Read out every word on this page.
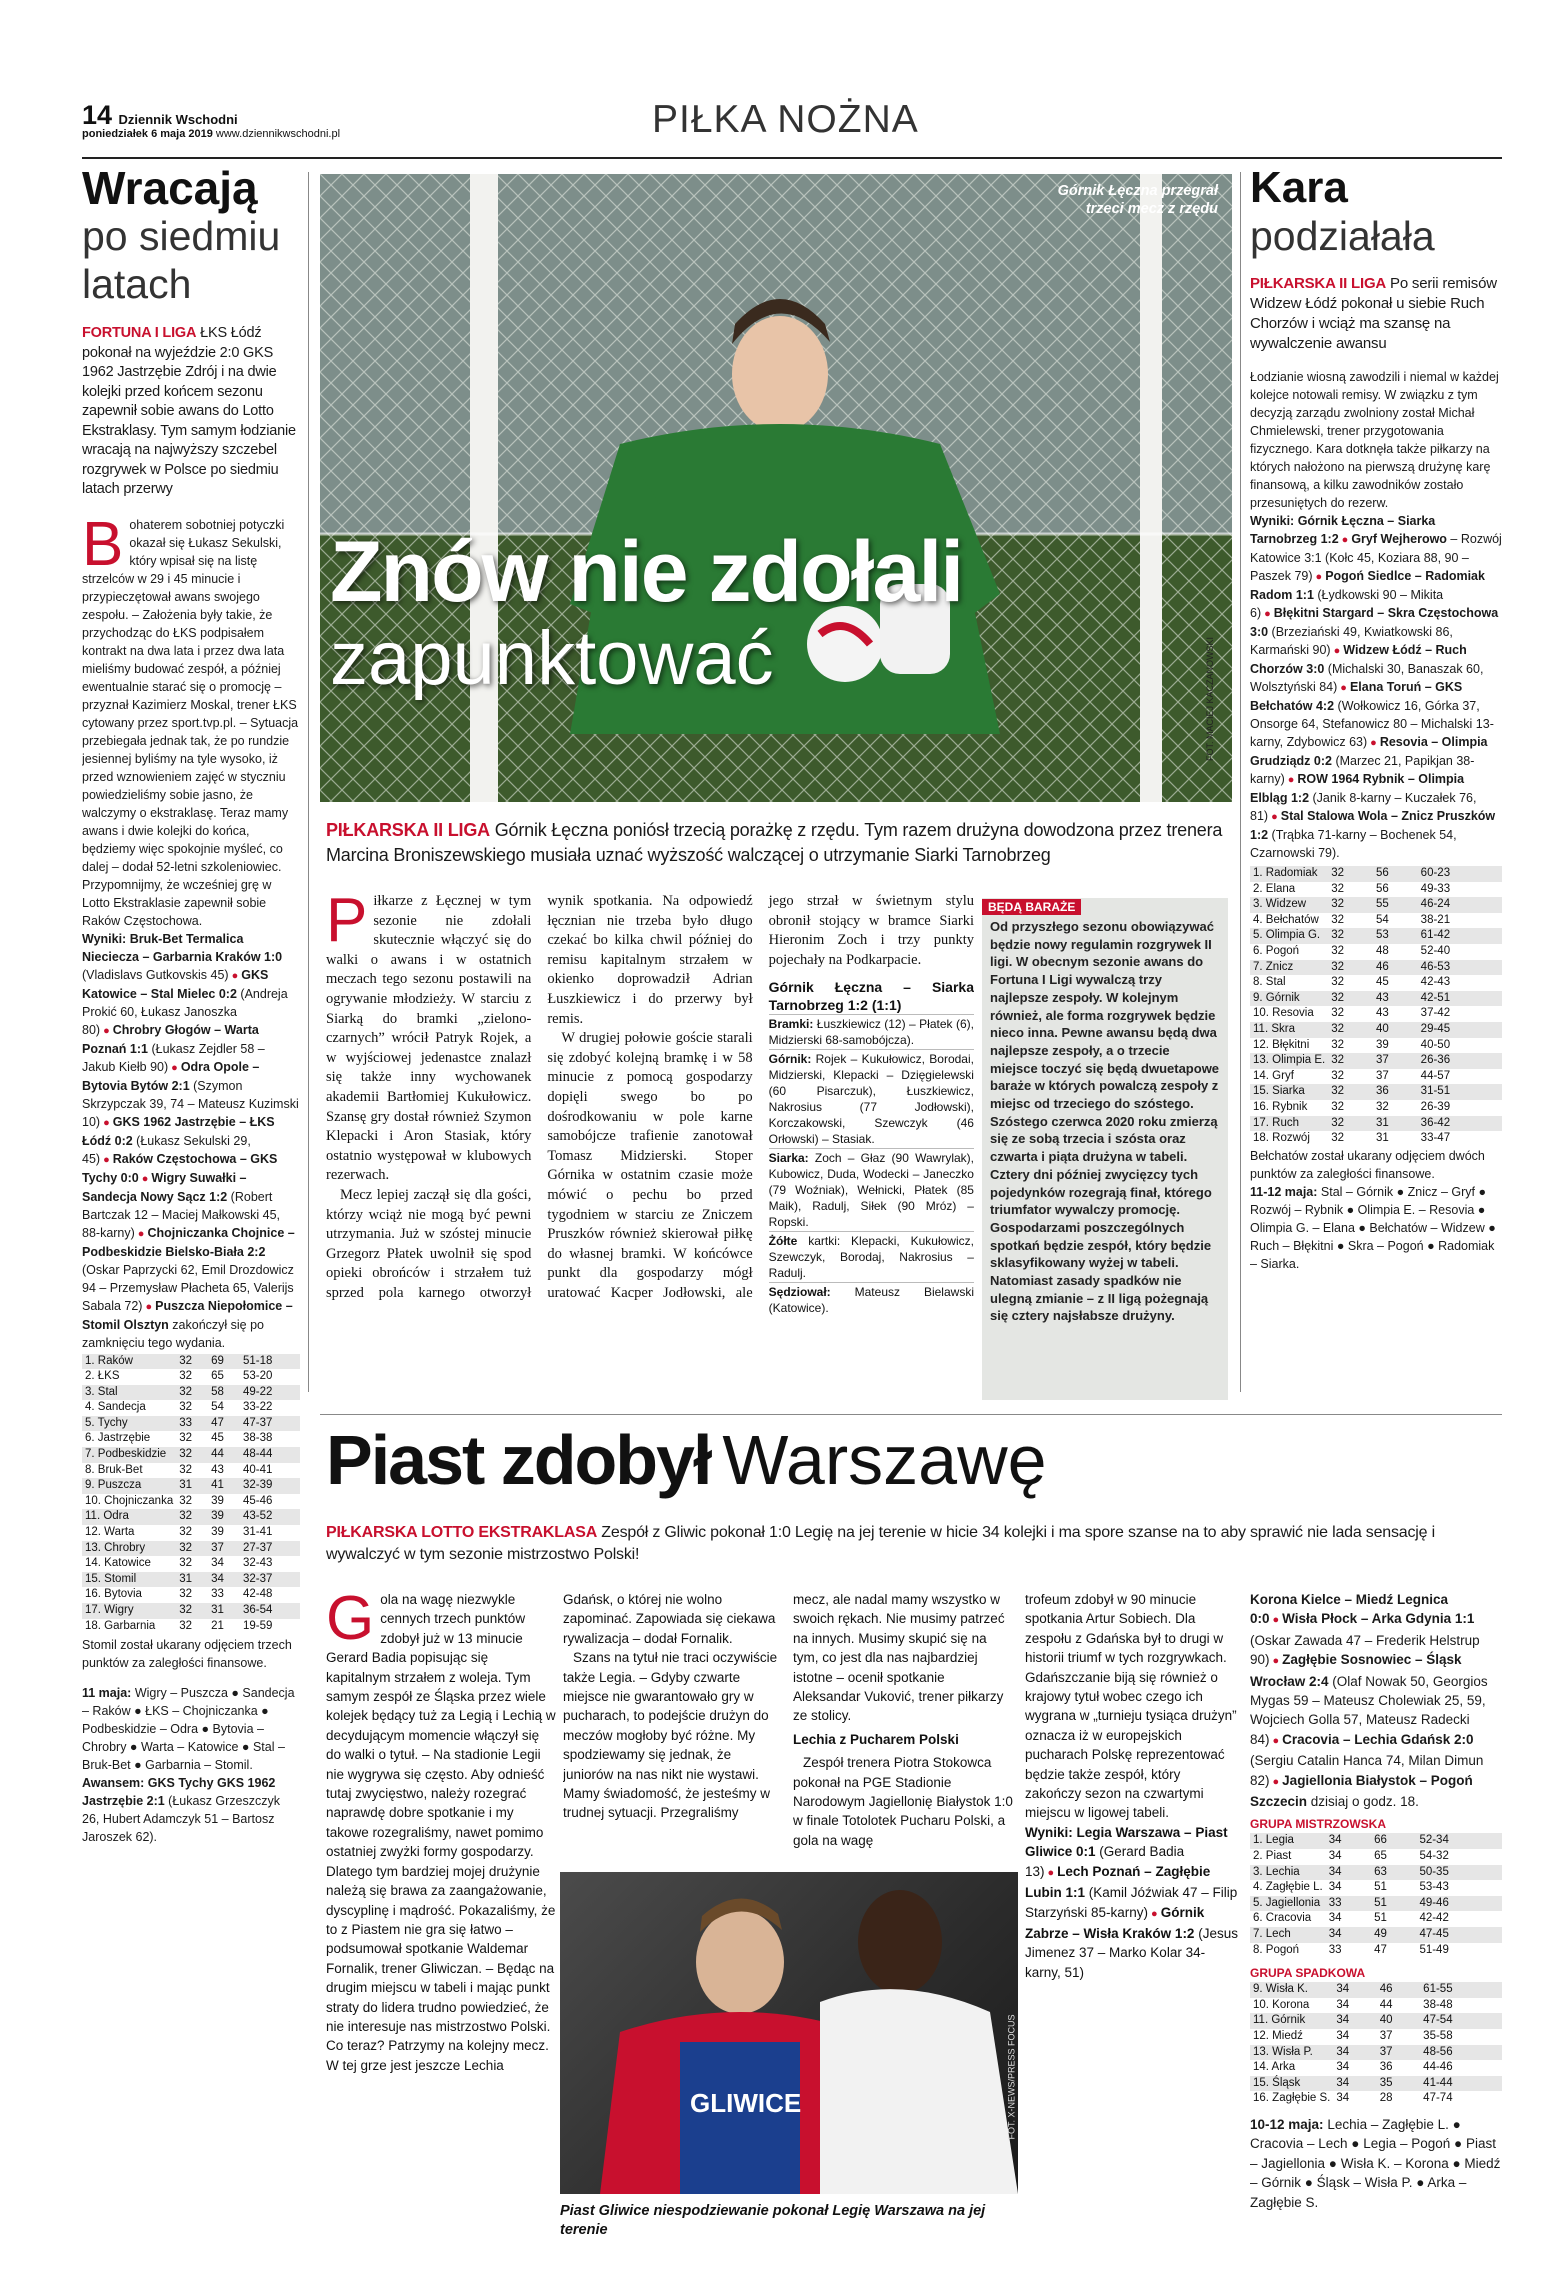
14 Dziennik Wschodni
poniedziałek 6 maja 2019 www.dziennikwschodni.pl	PIŁKA NOŻNA
Wracają
po siedmiu latach

FORTUNA I LIGA ŁKS Łódź pokonał na wyjeździe 2:0 GKS 1962 Jastrzębie Zdrój i na dwie kolejki przed końcem sezonu zapewnił sobie awans do Lotto Ekstraklasy. Tym samym łodzianie wracają na najwyższy szczebel rozgrywek w Polsce po siedmiu latach przerwy

Bohaterem sobotniej potyczki okazał się Łukasz Sekulski, który wpisał się na listę strzelców w 29 i 45 minucie i przypieczętował awans swojego zespołu. – Założenia były takie, że przychodząc do ŁKS podpisałem kontrakt na dwa lata i przez dwa lata mieliśmy budować zespół, a później ewentualnie starać się o promocję – przyznał Kazimierz Moskal, trener ŁKS cytowany przez sport.tvp.pl. – Sytuacja przebiegała jednak tak, że po rundzie jesiennej byliśmy na tyle wysoko, iż przed wznowieniem zajęć w styczniu powiedzieliśmy sobie jasno, że walczymy o ekstraklasę. Teraz mamy awans i dwie kolejki do końca, będziemy więc spokojnie myśleć, co dalej – dodał 52-letni szkoleniowiec.

Przypomnijmy, że wcześniej grę w Lotto Ekstraklasie zapewnił sobie Raków Częstochowa.

Wyniki: Bruk-Bet Termalica Nieciecza – Garbarnia Kraków 1:0 (Vladislavs Gutkovskis 45) ● GKS Katowice – Stal Mielec 0:2 (Andreja Prokić 60, Łukasz Janoszka 80) ● Chrobry Głogów – Warta Poznań 1:1 (Łukasz Zejdler 58 – Jakub Kiełb 90) ● Odra Opole – Bytovia Bytów 2:1 (Szymon Skrzypczak 39, 74 – Mateusz Kuzimski 10) ● GKS 1962 Jastrzębie – ŁKS Łódź 0:2 (Łukasz Sekulski 29, 45) ● Raków Częstochowa – GKS Tychy 0:0 ● Wigry Suwałki – Sandecja Nowy Sącz 1:2 (Robert Bartczak 12 – Maciej Małkowski 45, 88-karny) ● Chojniczanka Chojnice – Podbeskidzie Bielsko-Biała 2:2 (Oskar Paprzycki 62, Emil Drozdowicz 94 – Przemysław Płacheta 65, Valerijs Sabala 72) ● Puszcza Niepołomice – Stomil Olsztyn zakończył się po zamknięciu tego wydania.
1. Raków	32	69	51-18
2. ŁKS	32	65	53-20
3. Stal	32	58	49-22
4. Sandecja	32	54	33-22
5. Tychy	33	47	47-37
6. Jastrzębie	32	45	38-38
7. Podbeskidzie	32	44	48-44
8. Bruk-Bet	32	43	40-41
9. Puszcza	31	41	32-39
10. Chojniczanka	32	39	45-46
11. Odra	32	39	43-52
12. Warta	32	39	31-41
13. Chrobry	32	37	27-37
14. Katowice	32	34	32-43
15. Stomil	31	34	32-37
16. Bytovia	32	33	42-48
17. Wigry	32	31	36-54
18. Garbarnia	32	21	19-59

Stomil został ukarany odjęciem trzech punktów za zaległości finansowe.

11 maja: Wigry – Puszcza ● Sandecja – Raków ● ŁKS – Chojniczanka ● Podbeskidzie – Odra ● Bytovia – Chrobry ● Warta – Katowice ● Stal – Bruk-Bet ● Garbarnia – Stomil.

Awansem: GKS Tychy GKS 1962 Jastrzębie 2:1 (Łukasz Grzeszczyk 26, Hubert Adamczyk 51 – Bartosz Jaroszek 62).

Górnik Łęczna przegrał trzeci mecz z rzędu
FOT. MACIEJ KACZANOWSKI
Znów nie zdołali
zapunktować

PIŁKARSKA II LIGA Górnik Łęczna poniósł trzecią porażkę z rzędu. Tym razem drużyna dowodzona przez trenera Marcina Broniszewskiego musiała uznać wyższość walczącej o utrzymanie Siarki Tarnobrzeg

Piłkarze z Łęcznej w tym sezonie nie zdołali skutecznie włączyć się do walki o awans i w ostatnich meczach tego sezonu postawili na ogrywanie młodzieży. W starciu z Siarką do bramki „zielono-czarnych” wrócił Patryk Rojek, a w wyjściowej jedenastce znalazł się także inny wychowanek akademii Bartłomiej Kukułowicz. Szansę gry dostał również Szymon Klepacki i Aron Stasiak, który ostatnio występował w klubowych rezerwach.

Mecz lepiej zaczął się dla gości, którzy wciąż nie mogą być pewni utrzymania. Już w szóstej minucie Grzegorz Płatek uwolnił się spod opieki obrońców i strzałem tuż sprzed pola karnego otworzył wynik spotkania. Na odpowiedź łęcznian nie trzeba było długo czekać bo kilka chwil później do remisu kapitalnym strzałem w okienko doprowadził Adrian Łuszkiewicz i do przerwy był remis.

W drugiej połowie goście starali się zdobyć kolejną bramkę i w 58 minucie z pomocą gospodarzy dopięli swego bo po dośrodkowaniu w pole karne samobójcze trafienie zanotował Tomasz Midzierski. Stoper Górnika w ostatnim czasie może mówić o pechu bo przed tygodniem w starciu ze Zniczem Pruszków również skierował piłkę do własnej bramki. W końcówce punkt dla gospodarzy mógł uratować Kacper Jodłowski, ale jego strzał w świetnym stylu obronił stojący w bramce Siarki Hieronim Zoch i trzy punkty pojechały na Podkarpacie.

Górnik Łęczna – Siarka Tarnobrzeg 1:2 (1:1)

Bramki: Łuszkiewicz (12) – Płatek (6), Midzierski 68-samobójcza).

Górnik: Rojek – Kukułowicz, Borodai, Midzierski, Klepacki – Dzięgielewski (60 Pisarczuk), Łuszkiewicz, Nakrosius (77 Jodłowski), Korczakowski, Szewczyk (46 Orłowski) – Stasiak.

Siarka: Zoch – Głaz (90 Wawrylak), Kubowicz, Duda, Wodecki – Janeczko (79 Woźniak), Wełnicki, Płatek (85 Maik), Radulj, Siłek (90 Mróz) – Ropski.

Żółte kartki: Klepacki, Kukułowicz, Szewczyk, Borodaj, Nakrosius – Radulj.

Sędziował: Mateusz Bielawski (Katowice).

BĘDĄ BARAŻE

Od przyszłego sezonu obowiązywać będzie nowy regulamin rozgrywek II ligi. W obecnym sezonie awans do Fortuna I Ligi wywalczą trzy najlepsze zespoły. W kolejnym również, ale forma rozgrywek będzie nieco inna. Pewne awansu będą dwa najlepsze zespoły, a o trzecie miejsce toczyć się będą dwuetapowe baraże w których powalczą zespoły z miejsc od trzeciego do szóstego. Szóstego czerwca 2020 roku zmierzą się ze sobą trzecia i szósta oraz czwarta i piąta drużyna w tabeli. Cztery dni później zwycięzcy tych pojedynków rozegrają finał, którego triumfator wywalczy promocję. Gospodarzami poszczególnych spotkań będzie zespół, który będzie sklasyfikowany wyżej w tabeli. Natomiast zasady spadków nie ulegną zmianie – z II ligą pożegnają się cztery najsłabsze drużyny.

Kara
podziałała

PIŁKARSKA II LIGA Po serii remisów Widzew Łódź pokonał u siebie Ruch Chorzów i wciąż ma szansę na wywalczenie awansu

Łodzianie wiosną zawodzili i niemal w każdej kolejce notowali remisy. W związku z tym decyzją zarządu zwolniony został Michał Chmielewski, trener przygotowania fizycznego. Kara dotknęła także piłkarzy na których nałożono na pierwszą drużynę karę finansową, a kilku zawodników zostało przesuniętych do rezerw.

Wyniki: Górnik Łęczna – Siarka Tarnobrzeg 1:2 ● Gryf Wejherowo – Rozwój Katowice 3:1 (Kołc 45, Koziara 88, 90 – Paszek 79) ● Pogoń Siedlce – Radomiak Radom 1:1 (Łydkowski 90 – Mikita 6) ● Błękitni Stargard – Skra Częstochowa 3:0 (Brzeziański 49, Kwiatkowski 86, Karmański 90) ● Widzew Łódź – Ruch Chorzów 3:0 (Michalski 30, Banaszak 60, Wolsztyński 84) ● Elana Toruń – GKS Bełchatów 4:2 (Wołkowicz 16, Górka 37, Onsorge 64, Stefanowicz 80 – Michalski 13-karny, Zdybowicz 63) ● Resovia – Olimpia Grudziądz 0:2 (Marzec 21, Papikjan 38-karny) ● ROW 1964 Rybnik – Olimpia Elbląg 1:2 (Janik 8-karny – Kuczałek 76, 81) ● Stal Stalowa Wola – Znicz Pruszków 1:2 (Trąbka 71-karny – Bochenek 54, Czarnowski 79).
1. Radomiak	32	56	60-23
2. Elana	32	56	49-33
3. Widzew	32	55	46-24
4. Bełchatów	32	54	38-21
5. Olimpia G.	32	53	61-42
6. Pogoń	32	48	52-40
7. Znicz	32	46	46-53
8. Stal	32	45	42-43
9. Górnik	32	43	42-51
10. Resovia	32	43	37-42
11. Skra	32	40	29-45
12. Błękitni	32	39	40-50
13. Olimpia E.	32	37	26-36
14. Gryf	32	37	44-57
15. Siarka	32	36	31-51
16. Rybnik	32	32	26-39
17. Ruch	32	31	36-42
18. Rozwój	32	31	33-47

Bełchatów został ukarany odjęciem dwóch punktów za zaległości finansowe.

11-12 maja: Stal – Górnik ● Znicz – Gryf ● Rozwój – Rybnik ● Olimpia E. – Resovia ● Olimpia G. – Elana ● Bełchatów – Widzew ● Ruch – Błękitni ● Skra – Pogoń ● Radomiak – Siarka.

Piast zdobył Warszawę

PIŁKARSKA LOTTO EKSTRAKLASA Zespół z Gliwic pokonał 1:0 Legię na jej terenie w hicie 34 kolejki i ma spore szanse na to aby sprawić nie lada sensację i wywalczyć w tym sezonie mistrzostwo Polski!

Gola na wagę niezwykle cennych trzech punktów zdobył już w 13 minucie Gerard Badia popisując się kapitalnym strzałem z woleja. Tym samym zespół ze Śląska przez wiele kolejek będący tuż za Legią i Lechią w decydującym momencie włączył się do walki o tytuł. – Na stadionie Legii nie wygrywa się często. Aby odnieść tutaj zwycięstwo, należy rozegrać naprawdę dobre spotkanie i my takowe rozegraliśmy, nawet pomimo ostatniej zwyżki formy gospodarzy. Dlatego tym bardziej mojej drużynie należą się brawa za zaangażowanie, dyscyplinę i mądrość. Pokazaliśmy, że to z Piastem nie gra się łatwo – podsumował spotkanie Waldemar Fornalik, trener Gliwiczan. – Będąc na drugim miejscu w tabeli i mając punkt straty do lidera trudno powiedzieć, że nie interesuje nas mistrzostwo Polski. Co teraz? Patrzymy na kolejny mecz. W tej grze jest jeszcze Lechia

Gdańsk, o której nie wolno zapominać. Zapowiada się ciekawa rywalizacja – dodał Fornalik.

Szans na tytuł nie traci oczywiście także Legia. – Gdyby czwarte miejsce nie gwarantowało gry w pucharach, to podejście drużyn do meczów mogłoby być różne. My spodziewamy się jednak, że juniorów na nas nikt nie wystawi. Mamy świadomość, że jesteśmy w trudnej sytuacji. Przegraliśmy

mecz, ale nadal mamy wszystko w swoich rękach. Nie musimy patrzeć na innych. Musimy skupić się na tym, co jest dla nas najbardziej istotne – ocenił spotkanie Aleksandar Vuković, trener piłkarzy ze stolicy.

Lechia z Pucharem Polski

Zespół trenera Piotra Stokowca pokonał na PGE Stadionie Narodowym Jagiellonię Białystok 1:0 w finale Totolotek Pucharu Polski, a gola na wagę

trofeum zdobył w 90 minucie spotkania Artur Sobiech. Dla zespołu z Gdańska był to drugi w historii triumf w tych rozgrywkach. Gdańszczanie biją się również o krajowy tytuł wobec czego ich wygrana w „turnieju tysiąca drużyn” oznacza iż w europejskich pucharach Polskę reprezentować będzie także zespół, który zakończy sezon na czwartymi miejscu w ligowej tabeli.

Wyniki: Legia Warszawa – Piast Gliwice 0:1 (Gerard Badia 13) ● Lech Poznań – Zagłębie Lubin 1:1 (Kamil Jóźwiak 47 – Filip Starzyński 85-karny) ● Górnik Zabrze – Wisła Kraków 1:2 (Jesus Jimenez 37 – Marko Kolar 34-karny, 51)
GLIWICE	FOT. X-NEWS/PRESS FOCUS

Piast Gliwice niespodziewanie pokonał Legię Warszawa na jej terenie

Korona Kielce – Miedź Legnica 0:0 ● Wisła Płock – Arka Gdynia 1:1 (Oskar Zawada 47 – Frederik Helstrup 90) ● Zagłębie Sosnowiec – Śląsk Wrocław 2:4 (Olaf Nowak 50, Georgios Mygas 59 – Mateusz Cholewiak 25, 59, Wojciech Golla 57, Mateusz Radecki 84) ● Cracovia – Lechia Gdańsk 2:0 (Sergiu Catalin Hanca 74, Milan Dimun 82) ● Jagiellonia Białystok – Pogoń Szczecin dzisiaj o godz. 18.
GRUPA MISTRZOWSKA
1. Legia	34	66	52-34
2. Piast	34	65	54-32
3. Lechia	34	63	50-35
4. Zagłębie L.	34	51	53-43
5. Jagiellonia	33	51	49-46
6. Cracovia	34	51	42-42
7. Lech	34	49	47-45
8. Pogoń	33	47	51-49
GRUPA SPADKOWA
9. Wisła K.	34	46	61-55
10. Korona	34	44	38-48
11. Górnik	34	40	47-54
12. Miedź	34	37	35-58
13. Wisła P.	34	37	48-56
14. Arka	34	36	44-46
15. Śląsk	34	35	41-44
16. Zagłębie S.	34	28	47-74

10-12 maja: Lechia – Zagłębie L. ● Cracovia – Lech ● Legia – Pogoń ● Piast – Jagiellonia ● Wisła K. – Korona ● Miedź – Górnik ● Śląsk – Wisła P. ● Arka – Zagłębie S.
